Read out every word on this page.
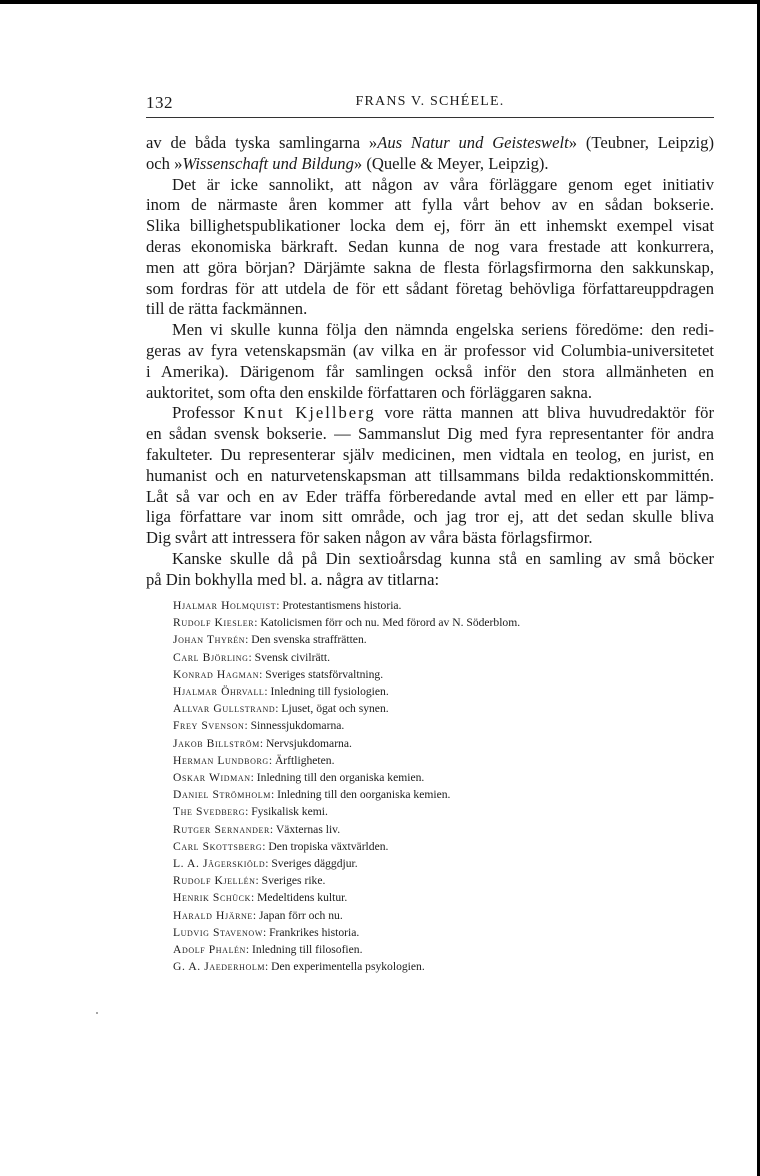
132	FRANS V. SCHÉELE.
av de båda tyska samlingarna »Aus Natur und Geisteswelt» (Teubner, Leipzig)
och »Wissenschaft und Bildung» (Quelle & Meyer, Leipzig).
Det är icke sannolikt, att någon av våra förläggare genom eget initiativ
inom de närmaste åren kommer att fylla vårt behov av en sådan bokserie.
Slika billighetspublikationer locka dem ej, förr än ett inhemskt exempel visat
deras ekonomiska bärkraft. Sedan kunna de nog vara frestade att konkurrera,
men att göra början? Därjämte sakna de flesta förlagsfirmorna den sakkunskap,
som fordras för att utdela de för ett sådant företag behövliga författareuppdragen
till de rätta fackmännen.
Men vi skulle kunna följa den nämnda engelska seriens föredöme: den redi-
geras av fyra vetenskapsmän (av vilka en är professor vid Columbia-universitetet
i Amerika). Därigenom får samlingen också inför den stora allmänheten en
auktoritet, som ofta den enskilde författaren och förläggaren sakna.
Professor Knut Kjellberg vore rätta mannen att bliva huvudredaktör för
en sådan svensk bokserie. — Sammanslut Dig med fyra representanter för andra
fakulteter. Du representerar själv medicinen, men vidtala en teolog, en jurist, en
humanist och en naturvetenskapsman att tillsammans bilda redaktionskommittén.
Låt så var och en av Eder träffa förberedande avtal med en eller ett par lämp-
liga författare var inom sitt område, och jag tror ej, att det sedan skulle bliva
Dig svårt att intressera för saken någon av våra bästa förlagsfirmor.
Kanske skulle då på Din sextioårsdag kunna stå en samling av små böcker
på Din bokhylla med bl. a. några av titlarna:
Hjalmar Holmquist: Protestantismens historia.
Rudolf Kiesler: Katolicismen förr och nu. Med förord av N. Söderblom.
Johan Thyrén: Den svenska straffrätten.
Carl Björling: Svensk civilrätt.
Konrad Hagman: Sveriges statsförvaltning.
Hjalmar Öhrvall: Inledning till fysiologien.
Allvar Gullstrand: Ljuset, ögat och synen.
Frey Svenson: Sinnessjukdomarna.
Jakob Billström: Nervsjukdomarna.
Herman Lundborg: Ärftligheten.
Oskar Widman: Inledning till den organiska kemien.
Daniel Strömholm: Inledning till den oorganiska kemien.
The Svedberg: Fysikalisk kemi.
Rutger Sernander: Växternas liv.
Carl Skottsberg: Den tropiska växtvärlden.
L. A. Jägerskiöld: Sveriges däggdjur.
Rudolf Kjellén: Sveriges rike.
Henrik Schück: Medeltidens kultur.
Harald Hjärne: Japan förr och nu.
Ludvig Stavenow: Frankrikes historia.
Adolf Phalén: Inledning till filosofien.
G. A. Jaederholm: Den experimentella psykologien.
